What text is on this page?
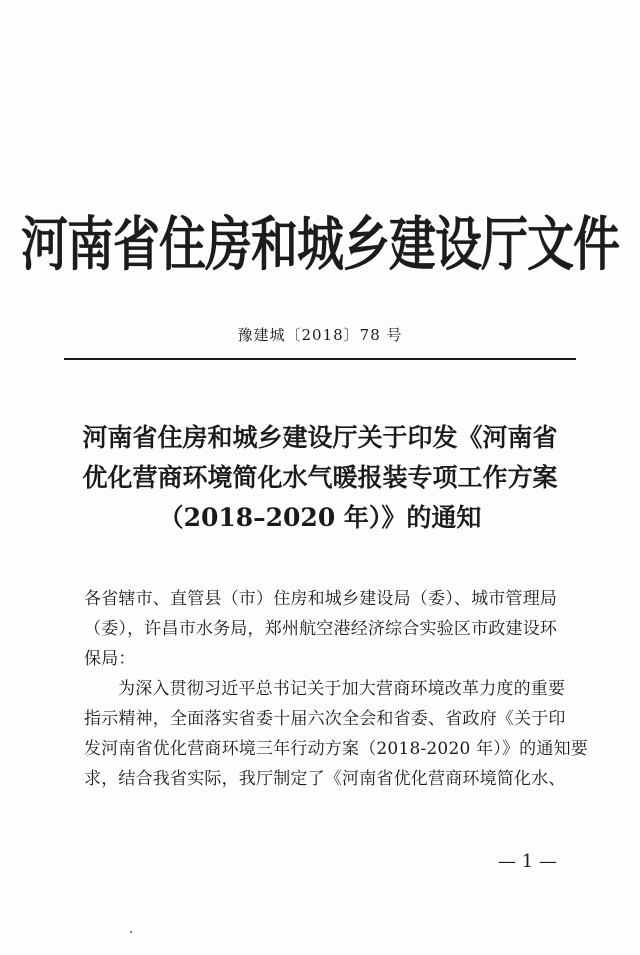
河南省住房和城乡建设厅文件
豫建城〔2018〕78 号
河南省住房和城乡建设厅关于印发《河南省
优化营商环境简化水气暖报装专项工作方案
（2018–2020 年）》的通知
各省辖市、直管县（市）住房和城乡建设局（委）、城市管理局
（委），许昌市水务局，郑州航空港经济综合实验区市政建设环
保局：
为深入贯彻习近平总书记关于加大营商环境改革力度的重要
指示精神，全面落实省委十届六次全会和省委、省政府《关于印
发河南省优化营商环境三年行动方案（2018-2020 年）》的通知要
求，结合我省实际，我厅制定了《河南省优化营商环境简化水、
— 1 —
